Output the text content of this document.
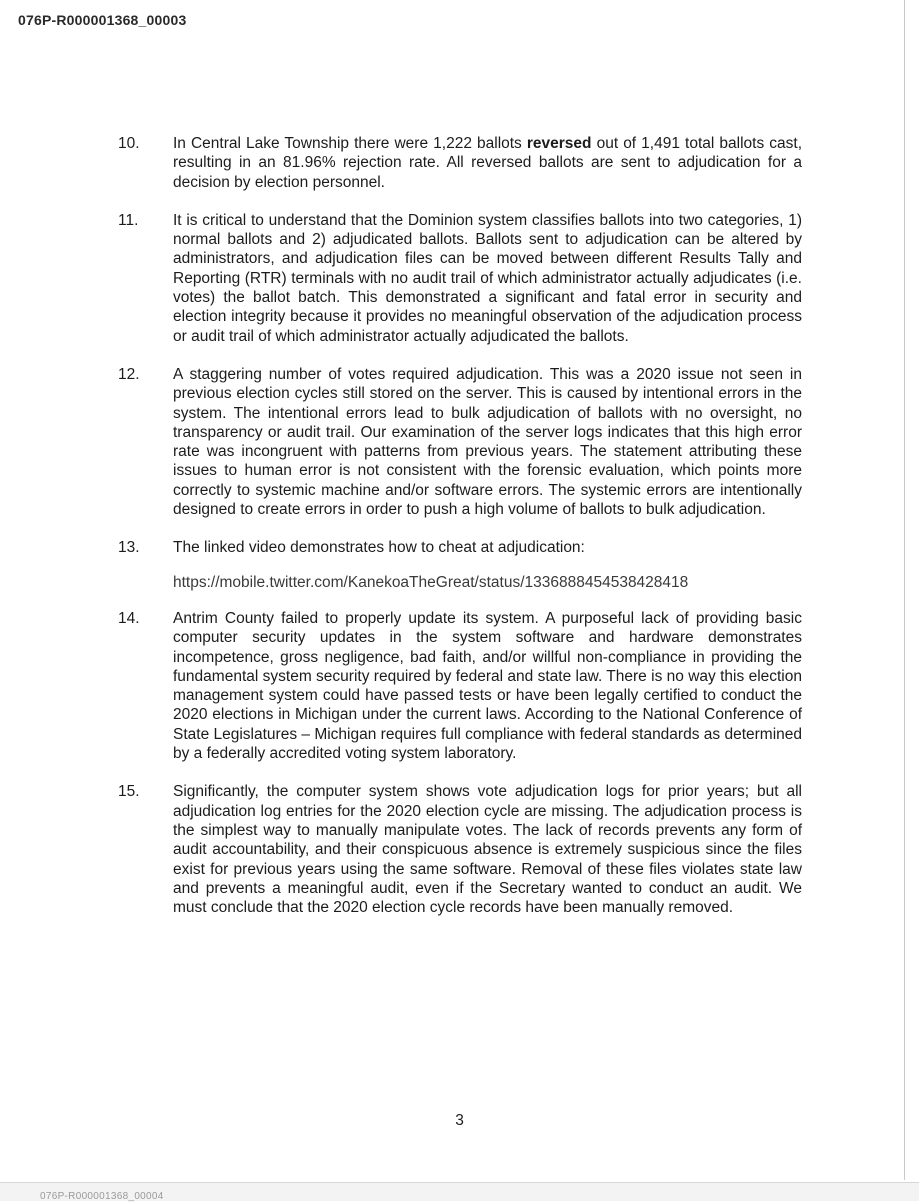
076P-R000001368_00003
10.	In Central Lake Township there were 1,222 ballots reversed out of 1,491 total ballots cast, resulting in an 81.96% rejection rate. All reversed ballots are sent to adjudication for a decision by election personnel.
11.	It is critical to understand that the Dominion system classifies ballots into two categories, 1) normal ballots and 2) adjudicated ballots. Ballots sent to adjudication can be altered by administrators, and adjudication files can be moved between different Results Tally and Reporting (RTR) terminals with no audit trail of which administrator actually adjudicates (i.e. votes) the ballot batch. This demonstrated a significant and fatal error in security and election integrity because it provides no meaningful observation of the adjudication process or audit trail of which administrator actually adjudicated the ballots.
12.	A staggering number of votes required adjudication. This was a 2020 issue not seen in previous election cycles still stored on the server. This is caused by intentional errors in the system. The intentional errors lead to bulk adjudication of ballots with no oversight, no transparency or audit trail. Our examination of the server logs indicates that this high error rate was incongruent with patterns from previous years. The statement attributing these issues to human error is not consistent with the forensic evaluation, which points more correctly to systemic machine and/or software errors. The systemic errors are intentionally designed to create errors in order to push a high volume of ballots to bulk adjudication.
13.	The linked video demonstrates how to cheat at adjudication:
https://mobile.twitter.com/KanekoaTheGreat/status/1336888454538428418
14.	Antrim County failed to properly update its system. A purposeful lack of providing basic computer security updates in the system software and hardware demonstrates incompetence, gross negligence, bad faith, and/or willful non-compliance in providing the fundamental system security required by federal and state law. There is no way this election management system could have passed tests or have been legally certified to conduct the 2020 elections in Michigan under the current laws. According to the National Conference of State Legislatures – Michigan requires full compliance with federal standards as determined by a federally accredited voting system laboratory.
15.	Significantly, the computer system shows vote adjudication logs for prior years; but all adjudication log entries for the 2020 election cycle are missing. The adjudication process is the simplest way to manually manipulate votes. The lack of records prevents any form of audit accountability, and their conspicuous absence is extremely suspicious since the files exist for previous years using the same software. Removal of these files violates state law and prevents a meaningful audit, even if the Secretary wanted to conduct an audit. We must conclude that the 2020 election cycle records have been manually removed.
3
076P-R000001368_00004
